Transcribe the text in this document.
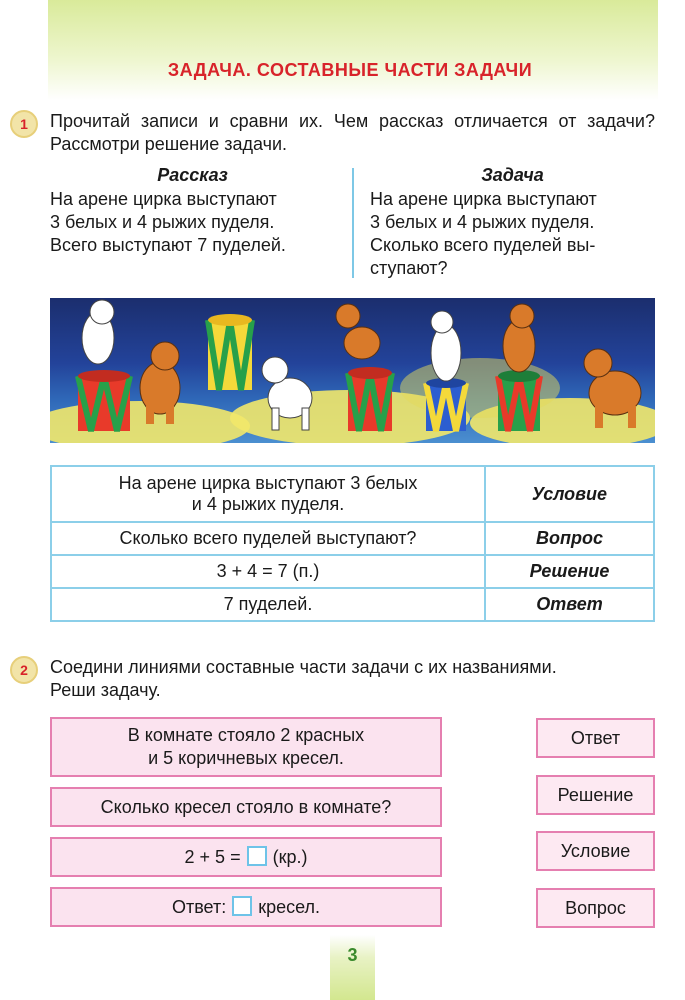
ЗАДАЧА. СОСТАВНЫЕ ЧАСТИ ЗАДАЧИ
1	Прочитай записи и сравни их. Чем рассказ отличается от задачи? Рассмотри решение задачи.
Рассказ
На арене цирка выступают
3 белых и 4 рыжих пуделя.
Всего выступают 7 пуделей.
Задача
На арене цирка выступают
3 белых и 4 рыжих пуделя.
Сколько всего пуделей вы-
ступают?
На арене цирка выступают 3 белых
и 4 рыжих пуделя.	Условие
Сколько всего пуделей выступают?	Вопрос
3 + 4 = 7 (п.)	Решение
7 пуделей.	Ответ
2	Соедини линиями составные части задачи с их названиями.
Реши задачу.
В комнате стояло 2 красных
и 5 коричневых кресел.
Сколько кресел стояло в комнате?
2 + 5 = (кр.)
Ответ: кресел.
Ответ
Решение
Условие
Вопрос
3
